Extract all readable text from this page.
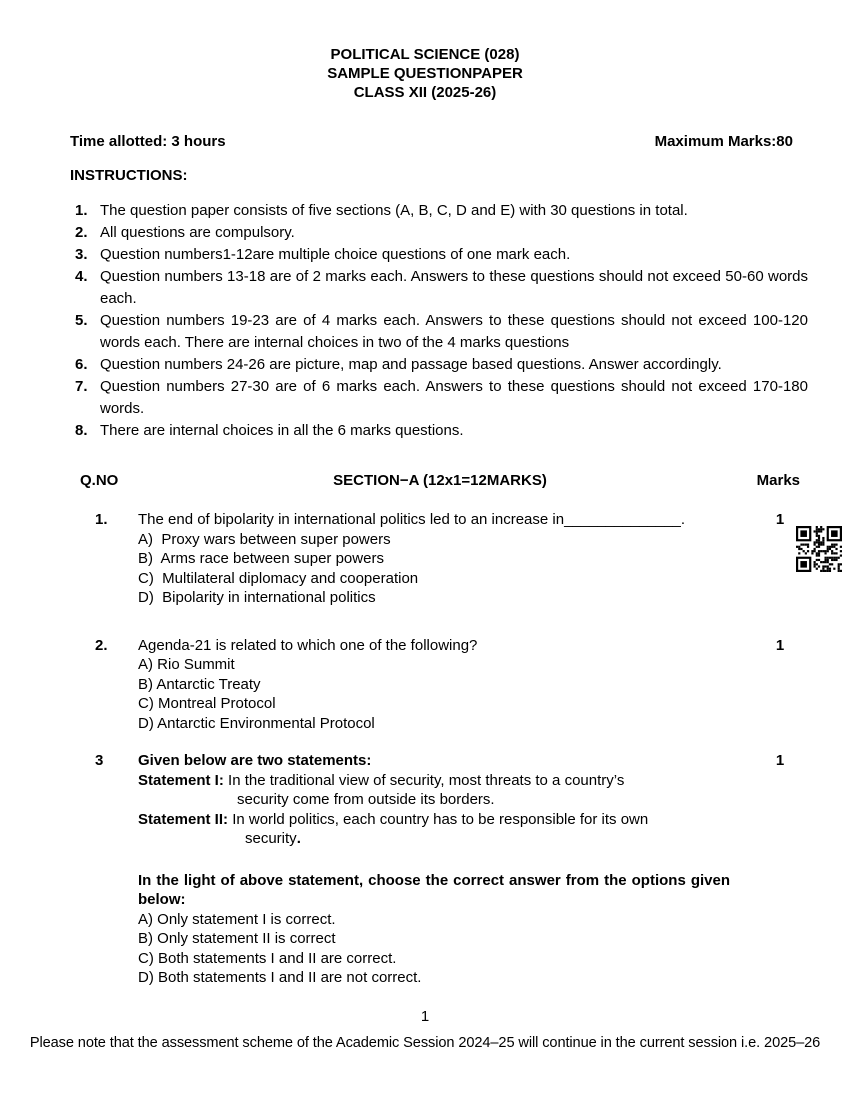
POLITICAL SCIENCE (028)
SAMPLE QUESTIONPAPER
CLASS XII (2025-26)
Time allotted: 3 hours	Maximum Marks:80
INSTRUCTIONS:
1. The question paper consists of five sections (A, B, C, D and E) with 30 questions in total.
2. All questions are compulsory.
3. Question numbers1-12are multiple choice questions of one mark each.
4. Question numbers 13-18 are of 2 marks each. Answers to these questions should not exceed 50-60 words each.
5. Question numbers 19-23 are of 4 marks each. Answers to these questions should not exceed 100-120 words each. There are internal choices in two of the 4 marks questions
6. Question numbers 24-26 are picture, map and passage based questions. Answer accordingly.
7. Question numbers 27-30 are of 6 marks each. Answers to these questions should not exceed 170-180 words.
8. There are internal choices in all the 6 marks questions.
Q.NO	SECTION−A (12x1=12MARKS)	Marks
1.	The end of bipolarity in international politics led to an increase in______________.
A)  Proxy wars between super powers
B)  Arms race between super powers
C)  Multilateral diplomacy and cooperation
D)  Bipolarity in international politics
1
2.	Agenda-21 is related to which one of the following?
A) Rio Summit
B) Antarctic Treaty
C) Montreal Protocol
D) Antarctic Environmental Protocol
1
3	Given below are two statements:
Statement I: In the traditional view of security, most threats to a country’s
security come from outside its borders.
Statement II: In world politics, each country has to be responsible for its own
security.
In the light of above statement, choose the correct answer from the options given below:
A) Only statement I is correct.
B) Only statement II is correct
C) Both statements I and II are correct.
D) Both statements I and II are not correct.
1
1
Please note that the assessment scheme of the Academic Session 2024–25 will continue in the current session i.e. 2025–26
